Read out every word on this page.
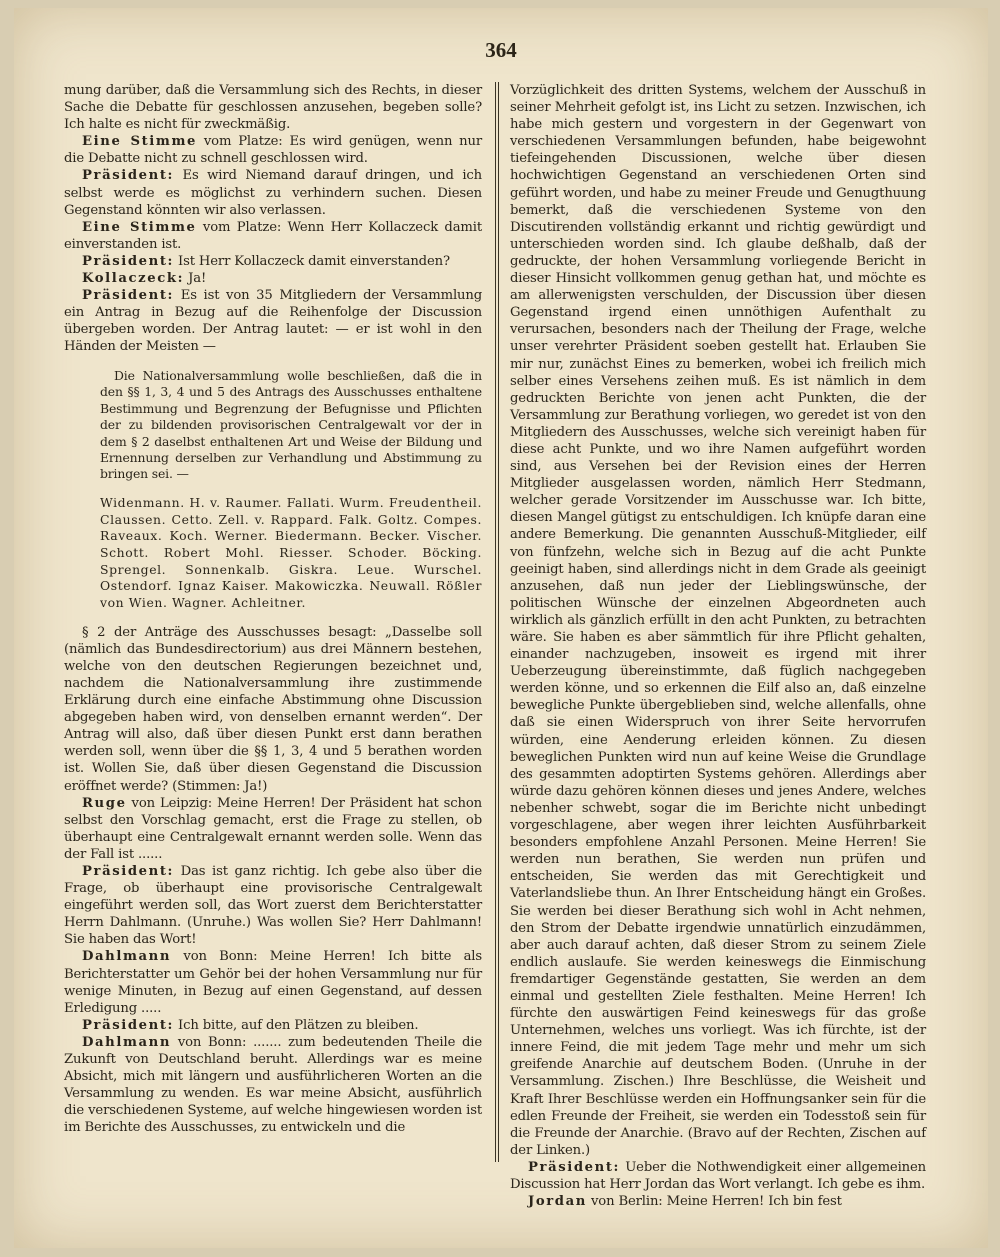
364

mung darüber, daß die Versammlung sich des Rechts, in dieser Sache die Debatte für geschlossen anzusehen, begeben solle? Ich halte es nicht für zweckmäßig.

Eine Stimme vom Platze: Es wird genügen, wenn nur die Debatte nicht zu schnell geschlossen wird.

Präsident: Es wird Niemand darauf dringen, und ich selbst werde es möglichst zu verhindern suchen. Diesen Gegenstand könnten wir also verlassen.

Eine Stimme vom Platze: Wenn Herr Kollaczeck damit einverstanden ist.

Präsident: Ist Herr Kollaczeck damit einverstanden?

Kollaczeck: Ja!

Präsident: Es ist von 35 Mitgliedern der Versammlung ein Antrag in Bezug auf die Reihenfolge der Discussion übergeben worden. Der Antrag lautet: — er ist wohl in den Händen der Meisten —

Die Nationalversammlung wolle beschließen, daß die in den §§ 1, 3, 4 und 5 des Antrags des Ausschusses enthaltene Bestimmung und Begrenzung der Befugnisse und Pflichten der zu bildenden provisorischen Centralgewalt vor der in dem § 2 daselbst enthaltenen Art und Weise der Bildung und Ernennung derselben zur Verhandlung und Abstimmung zu bringen sei. —

Widenmann. H. v. Raumer. Fallati. Wurm. Freudentheil. Claussen. Cetto. Zell. v. Rappard. Falk. Goltz. Compes. Raveaux. Koch. Werner. Biedermann. Becker. Vischer. Schott. Robert Mohl. Riesser. Schoder. Böcking. Sprengel. Sonnenkalb. Giskra. Leue. Wurschel. Ostendorf. Ignaz Kaiser. Makowiczka. Neuwall. Rößler von Wien. Wagner. Achleitner.

§ 2 der Anträge des Ausschusses besagt: „Dasselbe soll (nämlich das Bundesdirectorium) aus drei Männern bestehen, welche von den deutschen Regierungen bezeichnet und, nachdem die Nationalversammlung ihre zustimmende Erklärung durch eine einfache Abstimmung ohne Discussion abgegeben haben wird, von denselben ernannt werden“. Der Antrag will also, daß über diesen Punkt erst dann berathen werden soll, wenn über die §§ 1, 3, 4 und 5 berathen worden ist. Wollen Sie, daß über diesen Gegenstand die Discussion eröffnet werde? (Stimmen: Ja!)

Ruge von Leipzig: Meine Herren! Der Präsident hat schon selbst den Vorschlag gemacht, erst die Frage zu stellen, ob überhaupt eine Centralgewalt ernannt werden solle. Wenn das der Fall ist ......

Präsident: Das ist ganz richtig. Ich gebe also über die Frage, ob überhaupt eine provisorische Centralgewalt eingeführt werden soll, das Wort zuerst dem Berichterstatter Herrn Dahlmann. (Unruhe.) Was wollen Sie? Herr Dahlmann! Sie haben das Wort!

Dahlmann von Bonn: Meine Herren! Ich bitte als Berichterstatter um Gehör bei der hohen Versammlung nur für wenige Minuten, in Bezug auf einen Gegenstand, auf dessen Erledigung .....

Präsident: Ich bitte, auf den Plätzen zu bleiben.

Dahlmann von Bonn: ....... zum bedeutenden Theile die Zukunft von Deutschland beruht. Allerdings war es meine Absicht, mich mit längern und ausführlicheren Worten an die Versammlung zu wenden. Es war meine Absicht, ausführlich die verschiedenen Systeme, auf welche hingewiesen worden ist im Berichte des Ausschusses, zu entwickeln und die

Vorzüglichkeit des dritten Systems, welchem der Ausschuß in seiner Mehrheit gefolgt ist, ins Licht zu setzen. Inzwischen, ich habe mich gestern und vorgestern in der Gegenwart von verschiedenen Versammlungen befunden, habe beigewohnt tiefeingehenden Discussionen, welche über diesen hochwichtigen Gegenstand an verschiedenen Orten sind geführt worden, und habe zu meiner Freude und Genugthuung bemerkt, daß die verschiedenen Systeme von den Discutirenden vollständig erkannt und richtig gewürdigt und unterschieden worden sind. Ich glaube deßhalb, daß der gedruckte, der hohen Versammlung vorliegende Bericht in dieser Hinsicht vollkommen genug gethan hat, und möchte es am allerwenigsten verschulden, der Discussion über diesen Gegenstand irgend einen unnöthigen Aufenthalt zu verursachen, besonders nach der Theilung der Frage, welche unser verehrter Präsident soeben gestellt hat. Erlauben Sie mir nur, zunächst Eines zu bemerken, wobei ich freilich mich selber eines Versehens zeihen muß. Es ist nämlich in dem gedruckten Berichte von jenen acht Punkten, die der Versammlung zur Berathung vorliegen, wo geredet ist von den Mitgliedern des Ausschusses, welche sich vereinigt haben für diese acht Punkte, und wo ihre Namen aufgeführt worden sind, aus Versehen bei der Revision eines der Herren Mitglieder ausgelassen worden, nämlich Herr Stedmann, welcher gerade Vorsitzender im Ausschusse war. Ich bitte, diesen Mangel gütigst zu entschuldigen. Ich knüpfe daran eine andere Bemerkung. Die genannten Ausschuß-Mitglieder, eilf von fünfzehn, welche sich in Bezug auf die acht Punkte geeinigt haben, sind allerdings nicht in dem Grade als geeinigt anzusehen, daß nun jeder der Lieblingswünsche, der politischen Wünsche der einzelnen Abgeordneten auch wirklich als gänzlich erfüllt in den acht Punkten, zu betrachten wäre. Sie haben es aber sämmtlich für ihre Pflicht gehalten, einander nachzugeben, insoweit es irgend mit ihrer Ueberzeugung übereinstimmte, daß füglich nachgegeben werden könne, und so erkennen die Eilf also an, daß einzelne bewegliche Punkte übergeblieben sind, welche allenfalls, ohne daß sie einen Widerspruch von ihrer Seite hervorrufen würden, eine Aenderung erleiden können. Zu diesen beweglichen Punkten wird nun auf keine Weise die Grundlage des gesammten adoptirten Systems gehören. Allerdings aber würde dazu gehören können dieses und jenes Andere, welches nebenher schwebt, sogar die im Berichte nicht unbedingt vorgeschlagene, aber wegen ihrer leichten Ausführbarkeit besonders empfohlene Anzahl Personen. Meine Herren! Sie werden nun berathen, Sie werden nun prüfen und entscheiden, Sie werden das mit Gerechtigkeit und Vaterlandsliebe thun. An Ihrer Entscheidung hängt ein Großes. Sie werden bei dieser Berathung sich wohl in Acht nehmen, den Strom der Debatte irgendwie unnatürlich einzudämmen, aber auch darauf achten, daß dieser Strom zu seinem Ziele endlich auslaufe. Sie werden keineswegs die Einmischung fremdartiger Gegenstände gestatten, Sie werden an dem einmal und gestellten Ziele festhalten. Meine Herren! Ich fürchte den auswärtigen Feind keineswegs für das große Unternehmen, welches uns vorliegt. Was ich fürchte, ist der innere Feind, die mit jedem Tage mehr und mehr um sich greifende Anarchie auf deutschem Boden. (Unruhe in der Versammlung. Zischen.) Ihre Beschlüsse, die Weisheit und Kraft Ihrer Beschlüsse werden ein Hoffnungsanker sein für die edlen Freunde der Freiheit, sie werden ein Todesstoß sein für die Freunde der Anarchie. (Bravo auf der Rechten, Zischen auf der Linken.)

Präsident: Ueber die Nothwendigkeit einer allgemeinen Discussion hat Herr Jordan das Wort verlangt. Ich gebe es ihm.

Jordan von Berlin: Meine Herren! Ich bin fest
